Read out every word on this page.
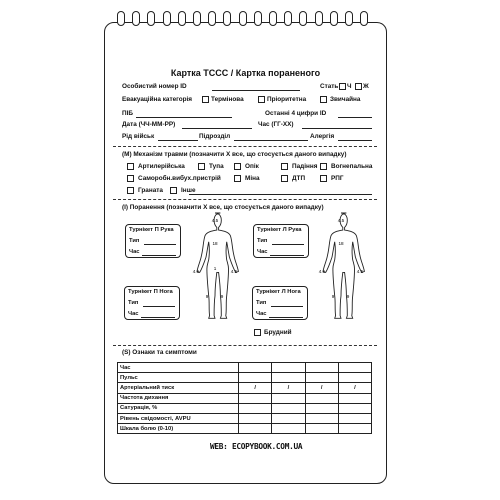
Картка ТССС / Картка пораненого
Особистий номер ID	Стать Ч Ж
Евакуаційна категорія	Термінова	Пріоритетна	Звичайна
ПІБ	Останні 4 цифри ID
Дата (ЧЧ-ММ-РР)	Час (ГГ-ХХ)
Рід військ	Підрозділ	Алергія
(М) Механізм травми (позначити Х все, що стосується даного випадку)
Артилерійська	Тупа	Опік	Падіння Вогнепальна
Саморобн.вибух.пристрій	Міна	ДТП	РПГ
Граната	Інше
(І) Поранення (позначити Х все, що стосується даного випадку)
Турнікет П Рука
Тип
Час
Турнікет Л Рука
Тип
Час
Турнікет П Нога
Тип
Час
Турнікет Л Нога
Тип
Час
4.5
18
4.5	4.5
1
9	9
4.5
18
4.5	4.5
9	9
Брудний
(S) Ознаки та симптоми
Час				
Пульс				
Артеріальний тиск	/	/	/	/
Частота дихання				
Сатурація, %				
Рівень свідомості, AVPU				
Шкала болю (0-10)				
WEB: ECOPYBOOK.COM.UA
